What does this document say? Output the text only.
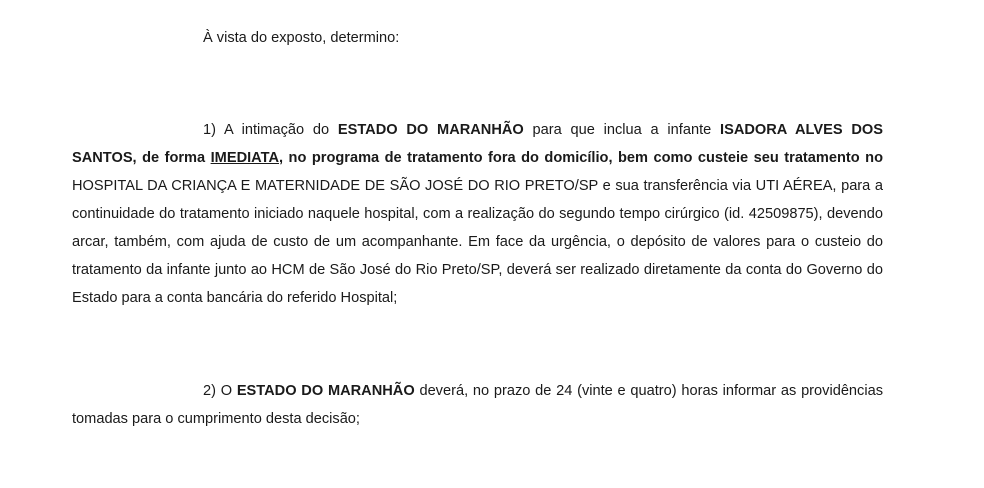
À vista do exposto, determino:

1) A intimação do ESTADO DO MARANHÃO para que inclua a infante ISADORA ALVES DOS SANTOS, de forma IMEDIATA, no programa de tratamento fora do domicílio, bem como custeie seu tratamento no HOSPITAL DA CRIANÇA E MATERNIDADE DE SÃO JOSÉ DO RIO PRETO/SP e sua transferência via UTI AÉREA, para a continuidade do tratamento iniciado naquele hospital, com a realização do segundo tempo cirúrgico (id. 42509875), devendo arcar, também, com ajuda de custo de um acompanhante. Em face da urgência, o depósito de valores para o custeio do tratamento da infante junto ao HCM de São José do Rio Preto/SP, deverá ser realizado diretamente da conta do Governo do Estado para a conta bancária do referido Hospital;

2) O ESTADO DO MARANHÃO deverá, no prazo de 24 (vinte e quatro) horas informar as providências tomadas para o cumprimento desta decisão;
